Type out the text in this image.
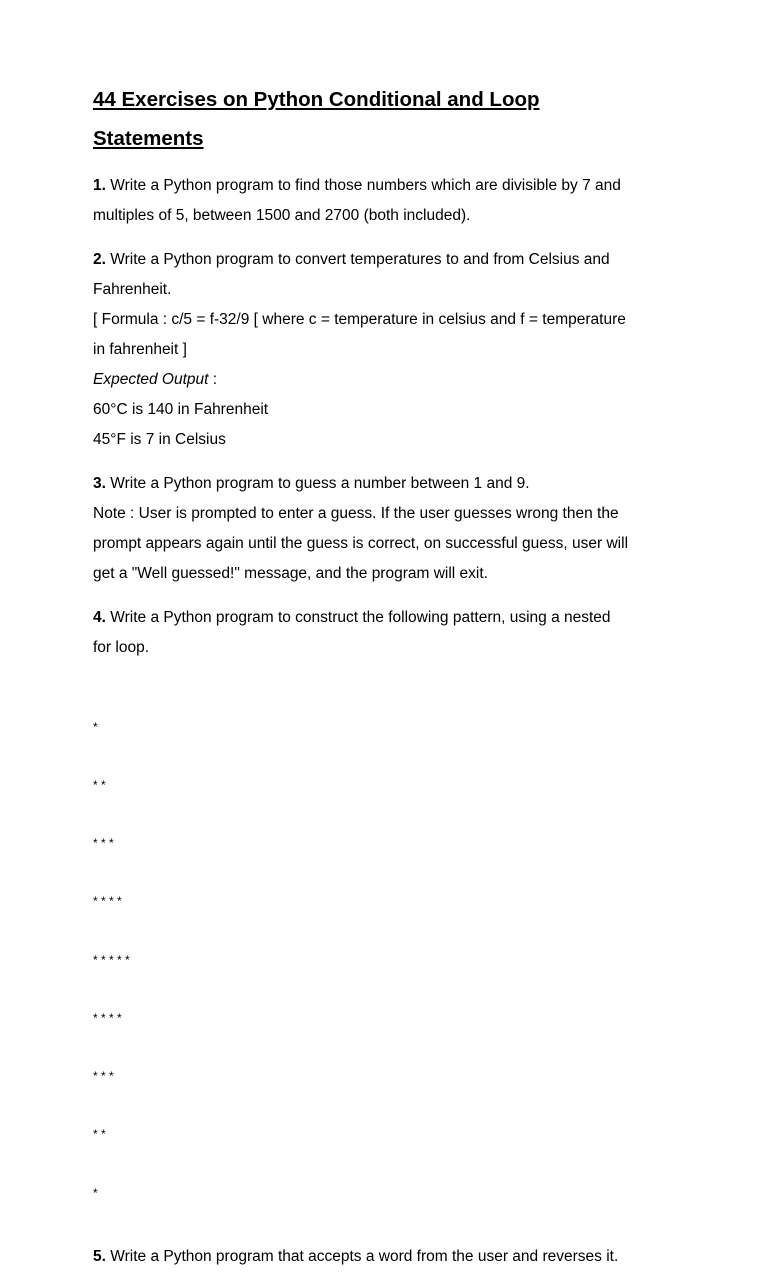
44 Exercises on Python Conditional and Loop
Statements

1. Write a Python program to find those numbers which are divisible by 7 and

multiples of 5, between 1500 and 2700 (both included).

2. Write a Python program to convert temperatures to and from Celsius and

Fahrenheit.

[ Formula : c/5 = f-32/9 [ where c = temperature in celsius and f = temperature

in fahrenheit ]

Expected Output :

60°C is 140 in Fahrenheit

45°F is 7 in Celsius

3. Write a Python program to guess a number between 1 and 9.

Note : User is prompted to enter a guess. If the user guesses wrong then the

prompt appears again until the guess is correct, on successful guess, user will

get a "Well guessed!" message, and the program will exit.

4. Write a Python program to construct the following pattern, using a nested

for loop.

*

* *

* * *

* * * *

* * * * *

* * * *

* * *

* *

*

5. Write a Python program that accepts a word from the user and reverses it.
